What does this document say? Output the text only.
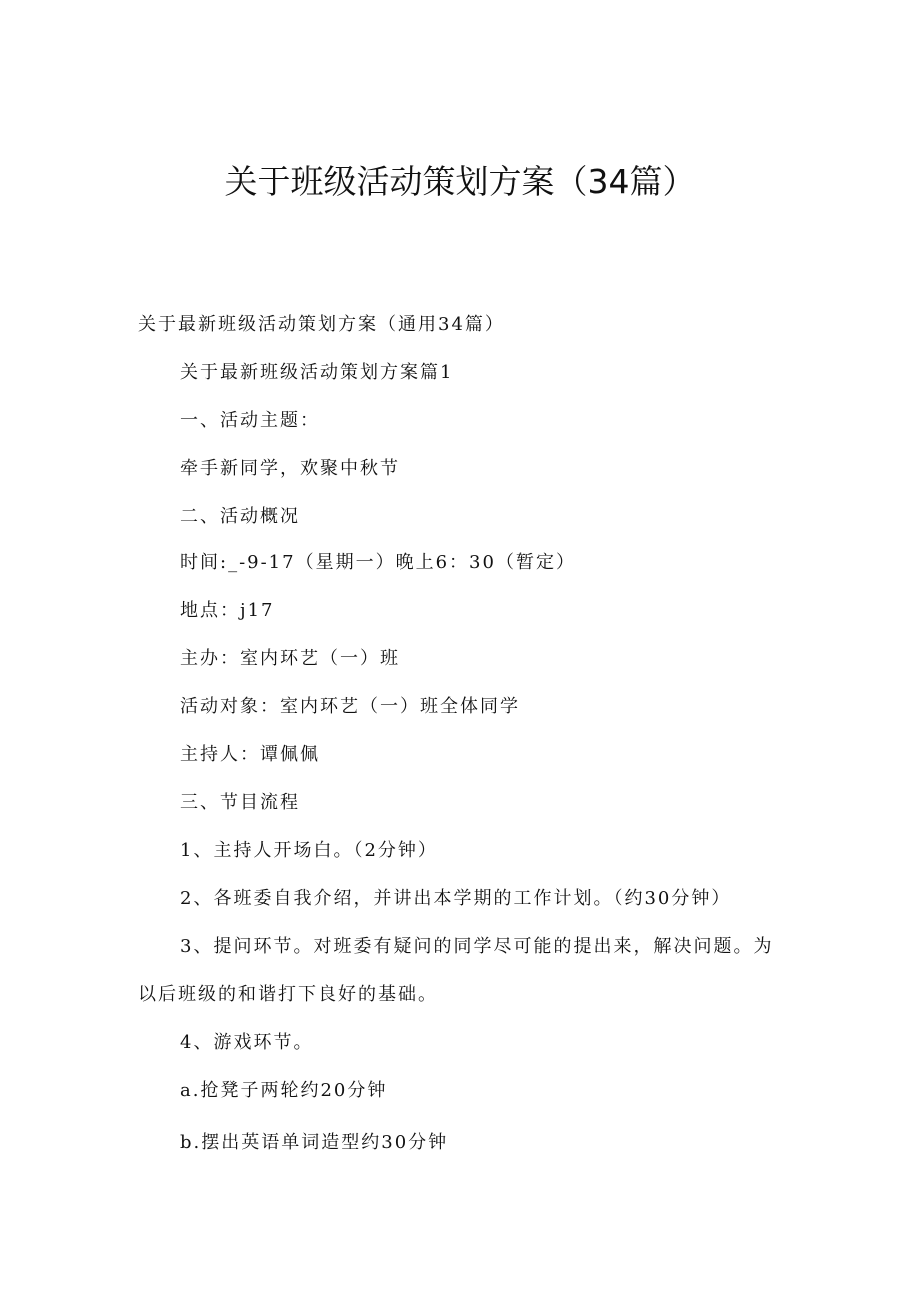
关于班级活动策划方案（34篇）
关于最新班级活动策划方案（通用34篇）
关于最新班级活动策划方案篇1
一、活动主题：
牵手新同学，欢聚中秋节
二、活动概况
时间:_-9-17（星期一）晚上6：30（暂定）
地点：j17
主办：室内环艺（一）班
活动对象：室内环艺（一）班全体同学
主持人：谭佩佩
三、节目流程
1、主持人开场白。（2分钟）
2、各班委自我介绍，并讲出本学期的工作计划。（约30分钟）
3、提问环节。对班委有疑问的同学尽可能的提出来，解决问题。为
以后班级的和谐打下良好的基础。
4、游戏环节。
a.抢凳子两轮约20分钟
b.摆出英语单词造型约30分钟
